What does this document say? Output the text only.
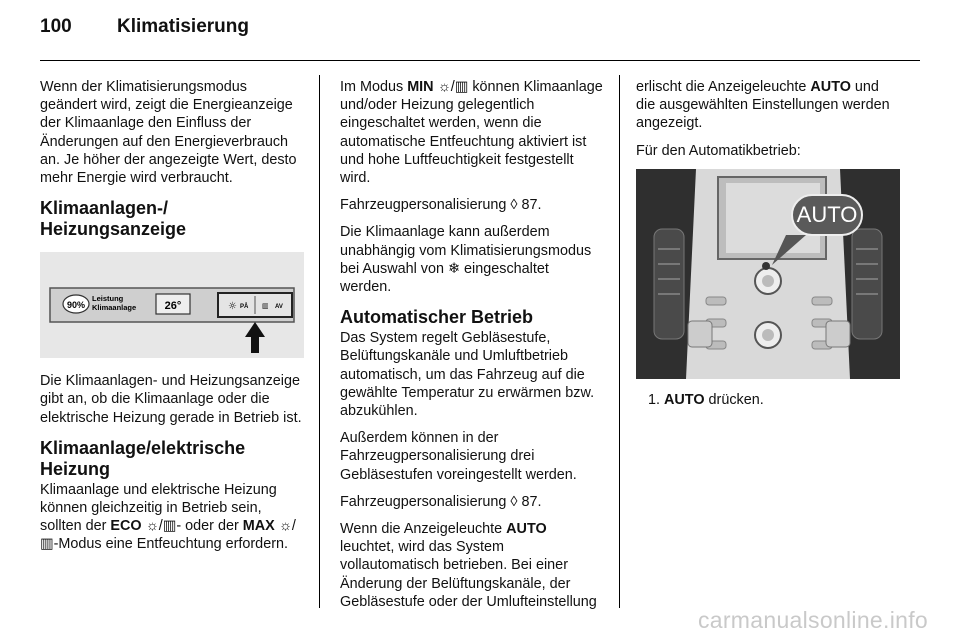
100 Klimatisierung

Wenn der Klimatisierungsmodus geändert wird, zeigt die Energieanzeige der Klimaanlage den Einfluss der Änderungen auf den Energieverbrauch an. Je höher der angezeigte Wert, desto mehr Energie wird verbraucht.

Klimaanlagen-/ Heizungsanzeige
90%
Leistung
Klimaanlage	26°	☼ PÅ ▥ AV

Die Klimaanlagen- und Heizungsanzeige gibt an, ob die Klimaanlage oder die elektrische Heizung gerade in Betrieb ist.

Klimaanlage/elektrische Heizung

Klimaanlage und elektrische Heizung können gleichzeitig in Betrieb sein, sollten der ECO ☼/▥- oder der MAX ☼/▥-Modus eine Entfeuchtung erfordern.

Im Modus MIN ☼/▥ können Klimaanlage und/oder Heizung gelegentlich eingeschaltet werden, wenn die automatische Entfeuchtung aktiviert ist und hohe Luftfeuchtigkeit festgestellt wird.

Fahrzeugpersonalisierung ◊ 87.

Die Klimaanlage kann außerdem unabhängig vom Klimatisierungsmodus bei Auswahl von ❄ eingeschaltet werden.

Automatischer Betrieb

Das System regelt Gebläsestufe, Belüftungskanäle und Umluftbetrieb automatisch, um das Fahrzeug auf die gewählte Temperatur zu erwärmen bzw. abzukühlen.

Außerdem können in der Fahrzeugpersonalisierung drei Gebläsestufen voreingestellt werden.

Fahrzeugpersonalisierung ◊ 87.

Wenn die Anzeigeleuchte AUTO leuchtet, wird das System vollautomatisch betrieben. Bei einer Änderung der Belüftungskanäle, der Gebläsestufe oder der Umlufteinstellung

erlischt die Anzeigeleuchte AUTO und die ausgewählten Einstellungen werden angezeigt.

Für den Automatikbetrieb:

AUTO

1. AUTO drücken.

carmanualsonline.info
